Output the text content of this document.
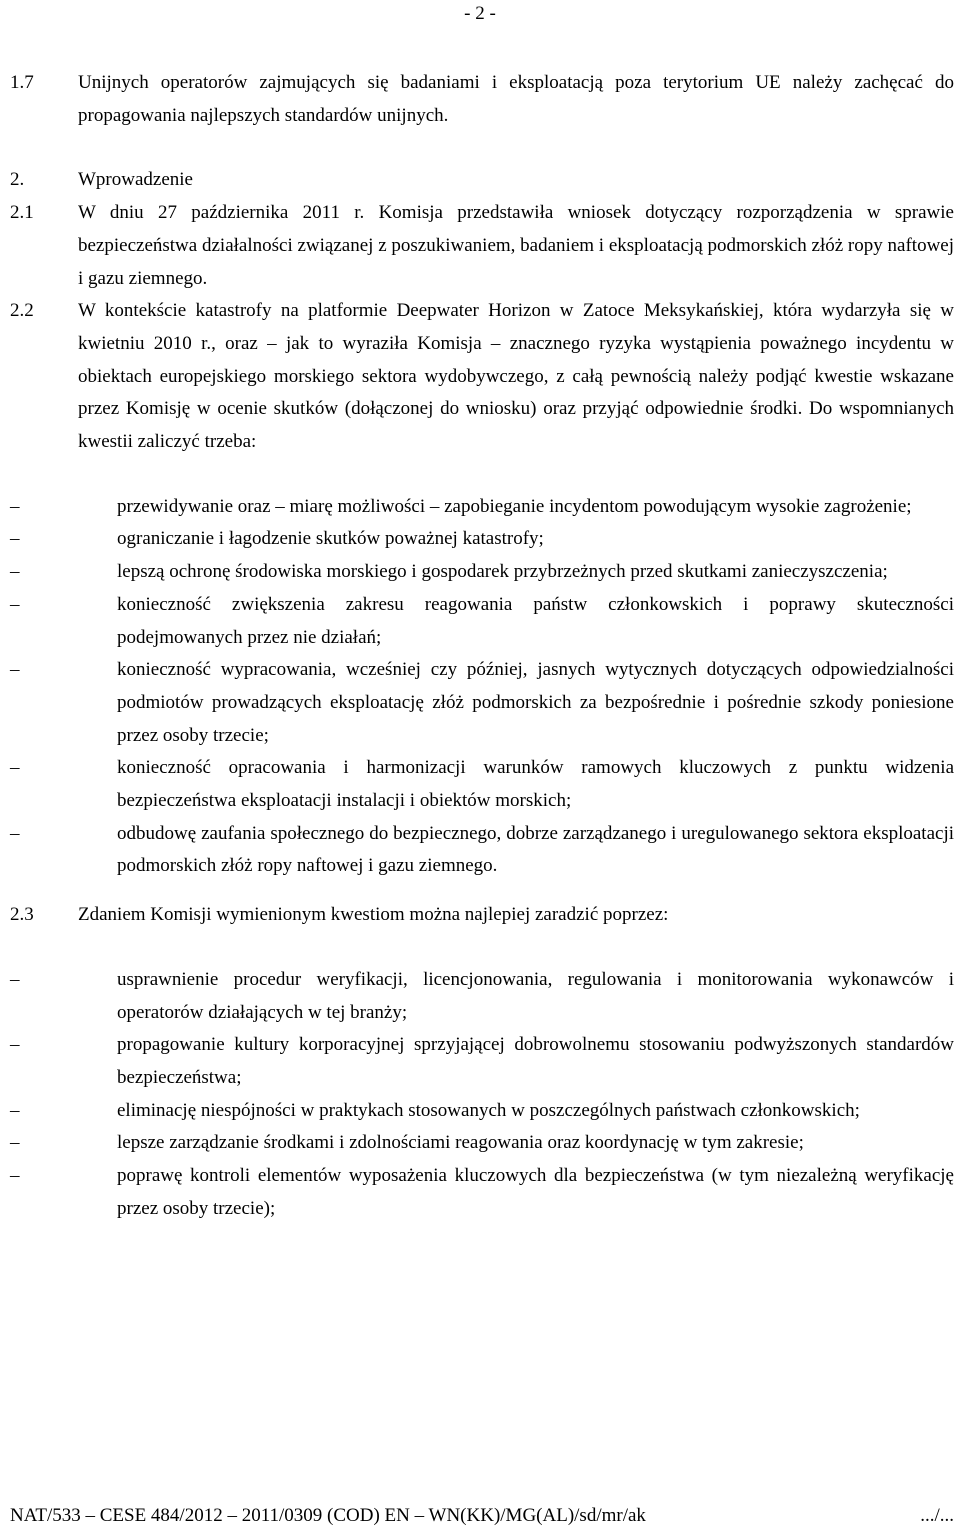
- 2 -
1.7	Unijnych operatorów zajmujących się badaniami i eksploatacją poza terytorium UE należy zachęcać do propagowania najlepszych standardów unijnych.
2.	Wprowadzenie
2.1	W dniu 27 października 2011 r. Komisja przedstawiła wniosek dotyczący rozporządzenia w sprawie bezpieczeństwa działalności związanej z poszukiwaniem, badaniem i eksploatacją podmorskich złóż ropy naftowej i gazu ziemnego.
2.2	W kontekście katastrofy na platformie Deepwater Horizon w Zatoce Meksykańskiej, która wydarzyła się w kwietniu 2010 r., oraz – jak to wyraziła Komisja – znacznego ryzyka wystąpienia poważnego incydentu w obiektach europejskiego morskiego sektora wydobywczego, z całą pewnością należy podjąć kwestie wskazane przez Komisję w ocenie skutków (dołączonej do wniosku) oraz przyjąć odpowiednie środki. Do wspomnianych kwestii zaliczyć trzeba:
–	przewidywanie oraz – miarę możliwości – zapobieganie incydentom powodującym wysokie zagrożenie;
–	ograniczanie i łagodzenie skutków poważnej katastrofy;
–	lepszą ochronę środowiska morskiego i gospodarek przybrzeżnych przed skutkami zanieczyszczenia;
–	konieczność zwiększenia zakresu reagowania państw członkowskich i poprawy skuteczności podejmowanych przez nie działań;
–	konieczność wypracowania, wcześniej czy później, jasnych wytycznych dotyczących odpowiedzialności podmiotów prowadzących eksploatację złóż podmorskich za bezpośrednie i pośrednie szkody poniesione przez osoby trzecie;
–	konieczność opracowania i harmonizacji warunków ramowych kluczowych z punktu widzenia bezpieczeństwa eksploatacji instalacji i obiektów morskich;
–	odbudowę zaufania społecznego do bezpiecznego, dobrze zarządzanego i uregulowanego sektora eksploatacji podmorskich złóż ropy naftowej i gazu ziemnego.
2.3	Zdaniem Komisji wymienionym kwestiom można najlepiej zaradzić poprzez:
–	usprawnienie procedur weryfikacji, licencjonowania, regulowania i monitorowania wykonawców i operatorów działających w tej branży;
–	propagowanie kultury korporacyjnej sprzyjającej dobrowolnemu stosowaniu podwyższonych standardów bezpieczeństwa;
–	eliminację niespójności w praktykach stosowanych w poszczególnych państwach członkowskich;
–	lepsze zarządzanie środkami i zdolnościami reagowania oraz koordynację w tym zakresie;
–	poprawę kontroli elementów wyposażenia kluczowych dla bezpieczeństwa (w tym niezależną weryfikację przez osoby trzecie);
NAT/533 – CESE 484/2012 – 2011/0309 (COD) EN – WN(KK)/MG(AL)/sd/mr/ak	.../...
